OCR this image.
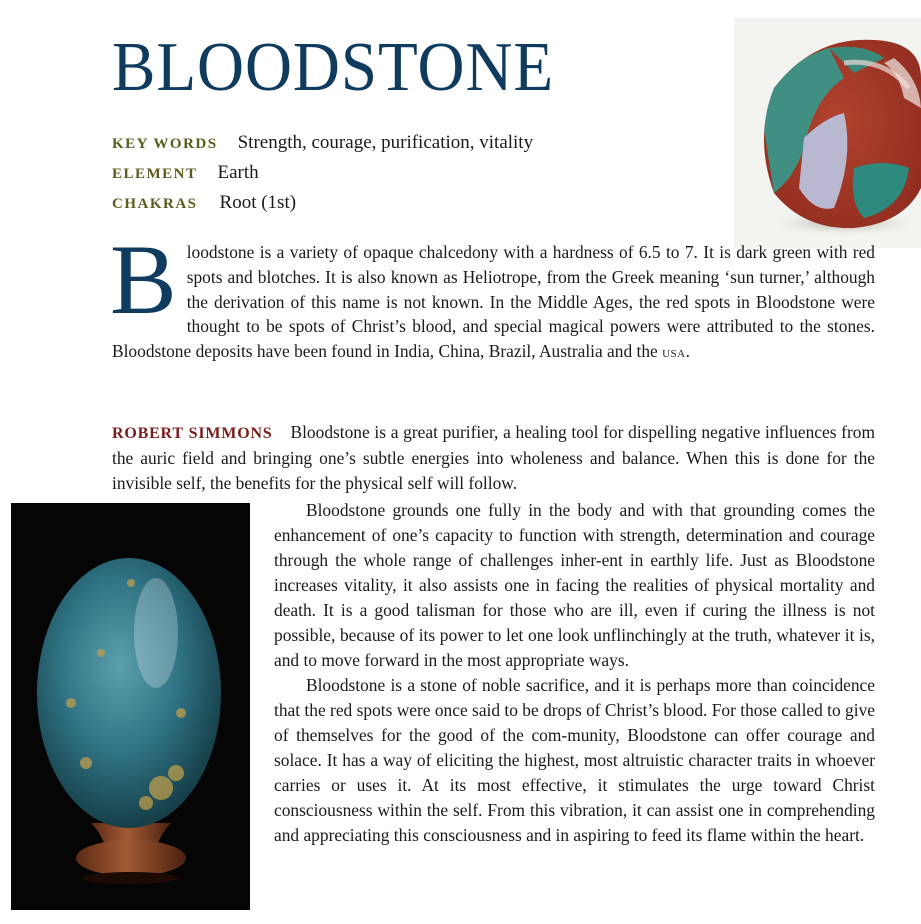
BLOODSTONE
KEY WORDS Strength, courage, purification, vitality
ELEMENT Earth
CHAKRAS Root (1st)

Bloodstone is a variety of opaque chalcedony with a hardness of 6.5 to 7. It is dark green with red spots and blotches. It is also known as Heliotrope, from the Greek meaning ‘sun turner,’ although the derivation of this name is not known. In the Middle Ages, the red spots in Bloodstone were thought to be spots of Christ’s blood, and special magical powers were attributed to the stones. Bloodstone deposits have been found in India, China, Brazil, Australia and the usa.

ROBERT SIMMONS Bloodstone is a great purifier, a healing tool for dispelling negative influences from the auric field and bringing one’s subtle energies into wholeness and balance. When this is done for the invisible self, the benefits for the physical self will follow.

Bloodstone grounds one fully in the body and with that grounding comes the enhancement of one’s capacity to function with strength, determination and courage through the whole range of challenges inher-ent in earthly life. Just as Bloodstone increases vitality, it also assists one in facing the realities of physical mortality and death. It is a good talisman for those who are ill, even if curing the illness is not possible, because of its power to let one look unflinchingly at the truth, whatever it is, and to move forward in the most appropriate ways.

Bloodstone is a stone of noble sacrifice, and it is perhaps more than coincidence that the red spots were once said to be drops of Christ’s blood. For those called to give of themselves for the good of the com-munity, Bloodstone can offer courage and solace. It has a way of eliciting the highest, most altruistic character traits in whoever carries or uses it. At its most effective, it stimulates the urge toward Christ consciousness within the self. From this vibration, it can assist one in comprehending and appreciating this consciousness and in aspiring to feed its flame within the heart.
